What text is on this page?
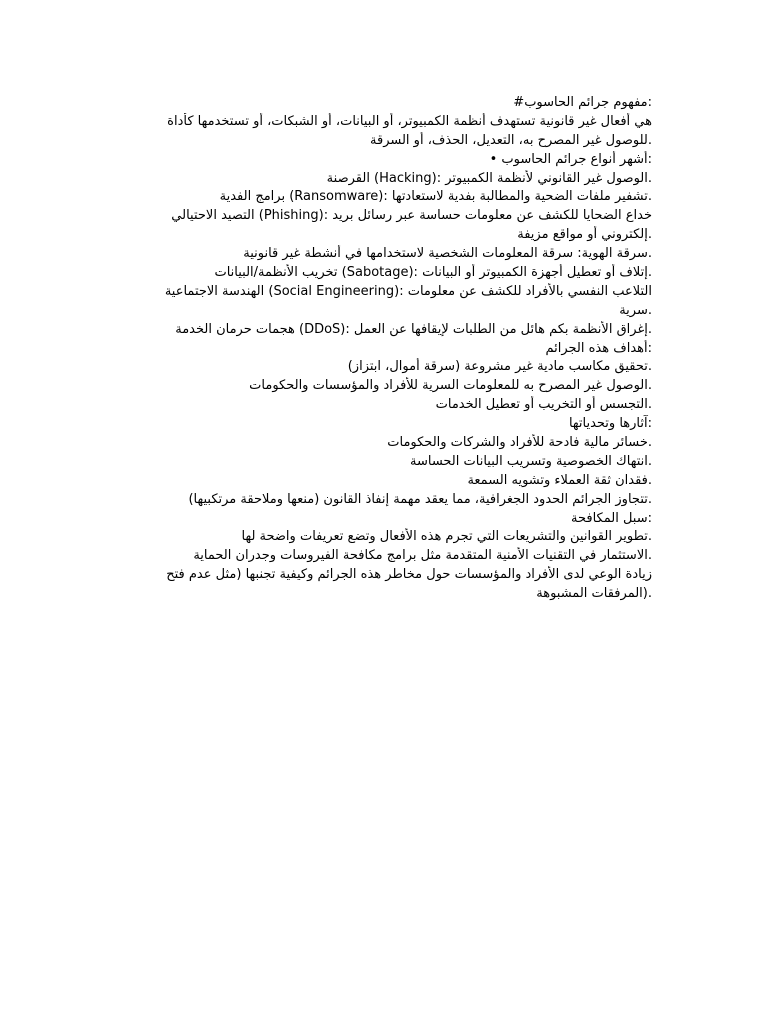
:مفهوم جرائم الحاسوب#
هي أفعال غير قانونية تستهدف أنظمة الكمبيوتر، أو البيانات، أو الشبكات، أو تستخدمها كأداة
.للوصول غير المصرح به، التعديل، الحذف، أو السرقة
:أشهر أنواع جرائم الحاسوب •
.الوصول غير القانوني لأنظمة الكمبيوتر :(Hacking) القرصنة
.تشفير ملفات الضحية والمطالبة بفدية لاستعادتها :(Ransomware) برامج الفدية
خداع الضحايا للكشف عن معلومات حساسة عبر رسائل بريد :(Phishing) التصيد الاحتيالي
.إلكتروني أو مواقع مزيفة
.سرقة الهوية: سرقة المعلومات الشخصية لاستخدامها في أنشطة غير قانونية
.إتلاف أو تعطيل أجهزة الكمبيوتر أو البيانات :(Sabotage) تخريب الأنظمة/البيانات
التلاعب النفسي بالأفراد للكشف عن معلومات :(Social Engineering) الهندسة الاجتماعية
.سرية
.إغراق الأنظمة بكم هائل من الطلبات لإيقافها عن العمل :(DDoS) هجمات حرمان الخدمة
:أهداف هذه الجرائم
.تحقيق مكاسب مادية غير مشروعة (سرقة أموال، ابتزاز)
.الوصول غير المصرح به للمعلومات السرية للأفراد والمؤسسات والحكومات
.التجسس أو التخريب أو تعطيل الخدمات
:آثارها وتحدياتها
.خسائر مالية فادحة للأفراد والشركات والحكومات
.انتهاك الخصوصية وتسريب البيانات الحساسة
.فقدان ثقة العملاء وتشويه السمعة
.تتجاوز الجرائم الحدود الجغرافية، مما يعقد مهمة إنفاذ القانون (منعها وملاحقة مرتكبيها)
:سبل المكافحة
.تطوير القوانين والتشريعات التي تجرم هذه الأفعال وتضع تعريفات واضحة لها
.الاستثمار في التقنيات الأمنية المتقدمة مثل برامج مكافحة الفيروسات وجدران الحماية
زيادة الوعي لدى الأفراد والمؤسسات حول مخاطر هذه الجرائم وكيفية تجنبها (مثل عدم فتح
.(المرفقات المشبوهة
